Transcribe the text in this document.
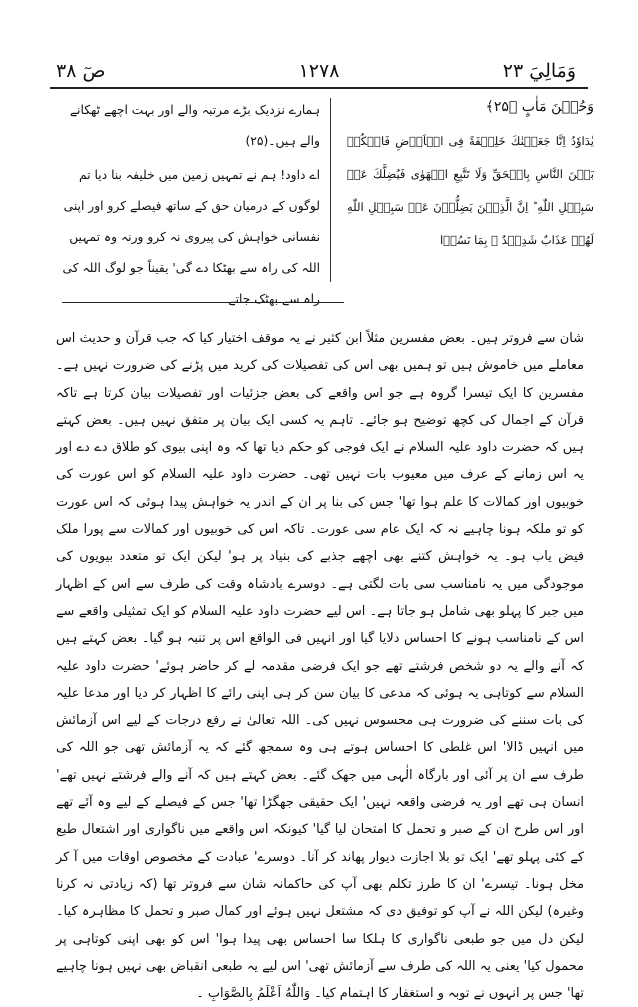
وَمَالِيَ ٢٣
١٢٧٨
صٓ ٣٨
وَحُسۡنَ مَاٰبٍ ﴿۲۵﴾
يٰدَاوٗدُ اِنَّا جَعَلۡنٰكَ خَلِيۡفَةً فِى الۡاَرۡضِ فَاحۡكُمۡ بَيۡنَ النَّاسِ بِالۡحَقِّ وَلَا تَتَّبِعِ الۡهَوٰى فَيُضِلَّكَ عَنۡ سَبِيۡلِ اللّٰهِ ؕ اِنَّ الَّذِيۡنَ يَضِلُّوۡنَ عَنۡ سَبِيۡلِ اللّٰهِ لَهُمۡ عَذَابٌ شَدِيۡدٌ ۢ بِمَا نَسُوۡا

ہمارے نزدیک بڑے مرتبہ والے اور بہت اچھے ٹھکانے والے ہیں۔(۲۵)

اے داود! ہم نے تمہیں زمین میں خلیفہ بنا دیا تم لوگوں کے درمیان حق کے ساتھ فیصلے کرو اور اپنی نفسانی خواہش کی پیروی نہ کرو ورنہ وہ تمہیں اللہ کی راہ سے بھٹکا دے گی' یقیناً جو لوگ اللہ کی راہ سے بھٹک جاتے

شان سے فروتر ہیں۔ بعض مفسرین مثلاً ابن کثیر نے یہ موقف اختیار کیا کہ جب قرآن و حدیث اس معاملے میں خاموش ہیں تو ہمیں بھی اس کی تفصیلات کی کرید میں پڑنے کی ضرورت نہیں ہے۔ مفسرین کا ایک تیسرا گروہ ہے جو اس واقعے کی بعض جزئیات اور تفصیلات بیان کرتا ہے تاکہ قرآن کے اجمال کی کچھ توضیح ہو جائے۔ تاہم یہ کسی ایک بیان پر متفق نہیں ہیں۔ بعض کہتے ہیں کہ حضرت داود علیہ السلام نے ایک فوجی کو حکم دیا تھا کہ وہ اپنی بیوی کو طلاق دے دے اور یہ اس زمانے کے عرف میں معیوب بات نہیں تھی۔ حضرت داود علیہ السلام کو اس عورت کی خوبیوں اور کمالات کا علم ہوا تھا' جس کی بنا پر ان کے اندر یہ خواہش پیدا ہوئی کہ اس عورت کو تو ملکہ ہونا چاہیے نہ کہ ایک عام سی عورت۔ تاکہ اس کی خوبیوں اور کمالات سے پورا ملک فیض یاب ہو۔ یہ خواہش کتنے بھی اچھے جذبے کی بنیاد پر ہو' لیکن ایک تو متعدد بیویوں کی موجودگی میں یہ نامناسب سی بات لگتی ہے۔ دوسرے بادشاہ وقت کی طرف سے اس کے اظہار میں جبر کا پہلو بھی شامل ہو جاتا ہے۔ اس لیے حضرت داود علیہ السلام کو ایک تمثیلی واقعے سے اس کے نامناسب ہونے کا احساس دلایا گیا اور انہیں فی الواقع اس پر تنبہ ہو گیا۔ بعض کہتے ہیں کہ آنے والے یہ دو شخص فرشتے تھے جو ایک فرضی مقدمہ لے کر حاضر ہوئے' حضرت داود علیہ السلام سے کوتاہی یہ ہوئی کہ مدعی کا بیان سن کر ہی اپنی رائے کا اظہار کر دیا اور مدعا علیہ کی بات سننے کی ضرورت ہی محسوس نہیں کی۔ اللہ تعالیٰ نے رفع درجات کے لیے اس آزمائش میں انہیں ڈالا' اس غلطی کا احساس ہوتے ہی وہ سمجھ گئے کہ یہ آزمائش تھی جو اللہ کی طرف سے ان پر آئی اور بارگاہ الٰہی میں جھک گئے۔ بعض کہتے ہیں کہ آنے والے فرشتے نہیں تھے' انسان ہی تھے اور یہ فرضی واقعہ نہیں' ایک حقیقی جھگڑا تھا' جس کے فیصلے کے لیے وہ آئے تھے اور اس طرح ان کے صبر و تحمل کا امتحان لیا گیا' کیونکہ اس واقعے میں ناگواری اور اشتعال طبع کے کئی پہلو تھے' ایک تو بلا اجازت دیوار پھاند کر آنا۔ دوسرے' عبادت کے مخصوص اوقات میں آ کر مخل ہونا۔ تیسرے' ان کا طرز تکلم بھی آپ کی حاکمانہ شان سے فروتر تھا (کہ زیادتی نہ کرنا وغیرہ) لیکن اللہ نے آپ کو توفیق دی کہ مشتعل نہیں ہوئے اور کمال صبر و تحمل کا مظاہرہ کیا۔ لیکن دل میں جو طبعی ناگواری کا ہلکا سا احساس بھی پیدا ہوا' اس کو بھی اپنی کوتاہی پر محمول کیا' یعنی یہ اللہ کی طرف سے آزمائش تھی' اس لیے یہ طبعی انقباض بھی نہیں ہونا چاہیے تھا' جس پر انہوں نے توبہ و استغفار کا اہتمام کیا۔ وَاللّٰهُ اَعْلَمُ بِالصَّوَابِ ۔
